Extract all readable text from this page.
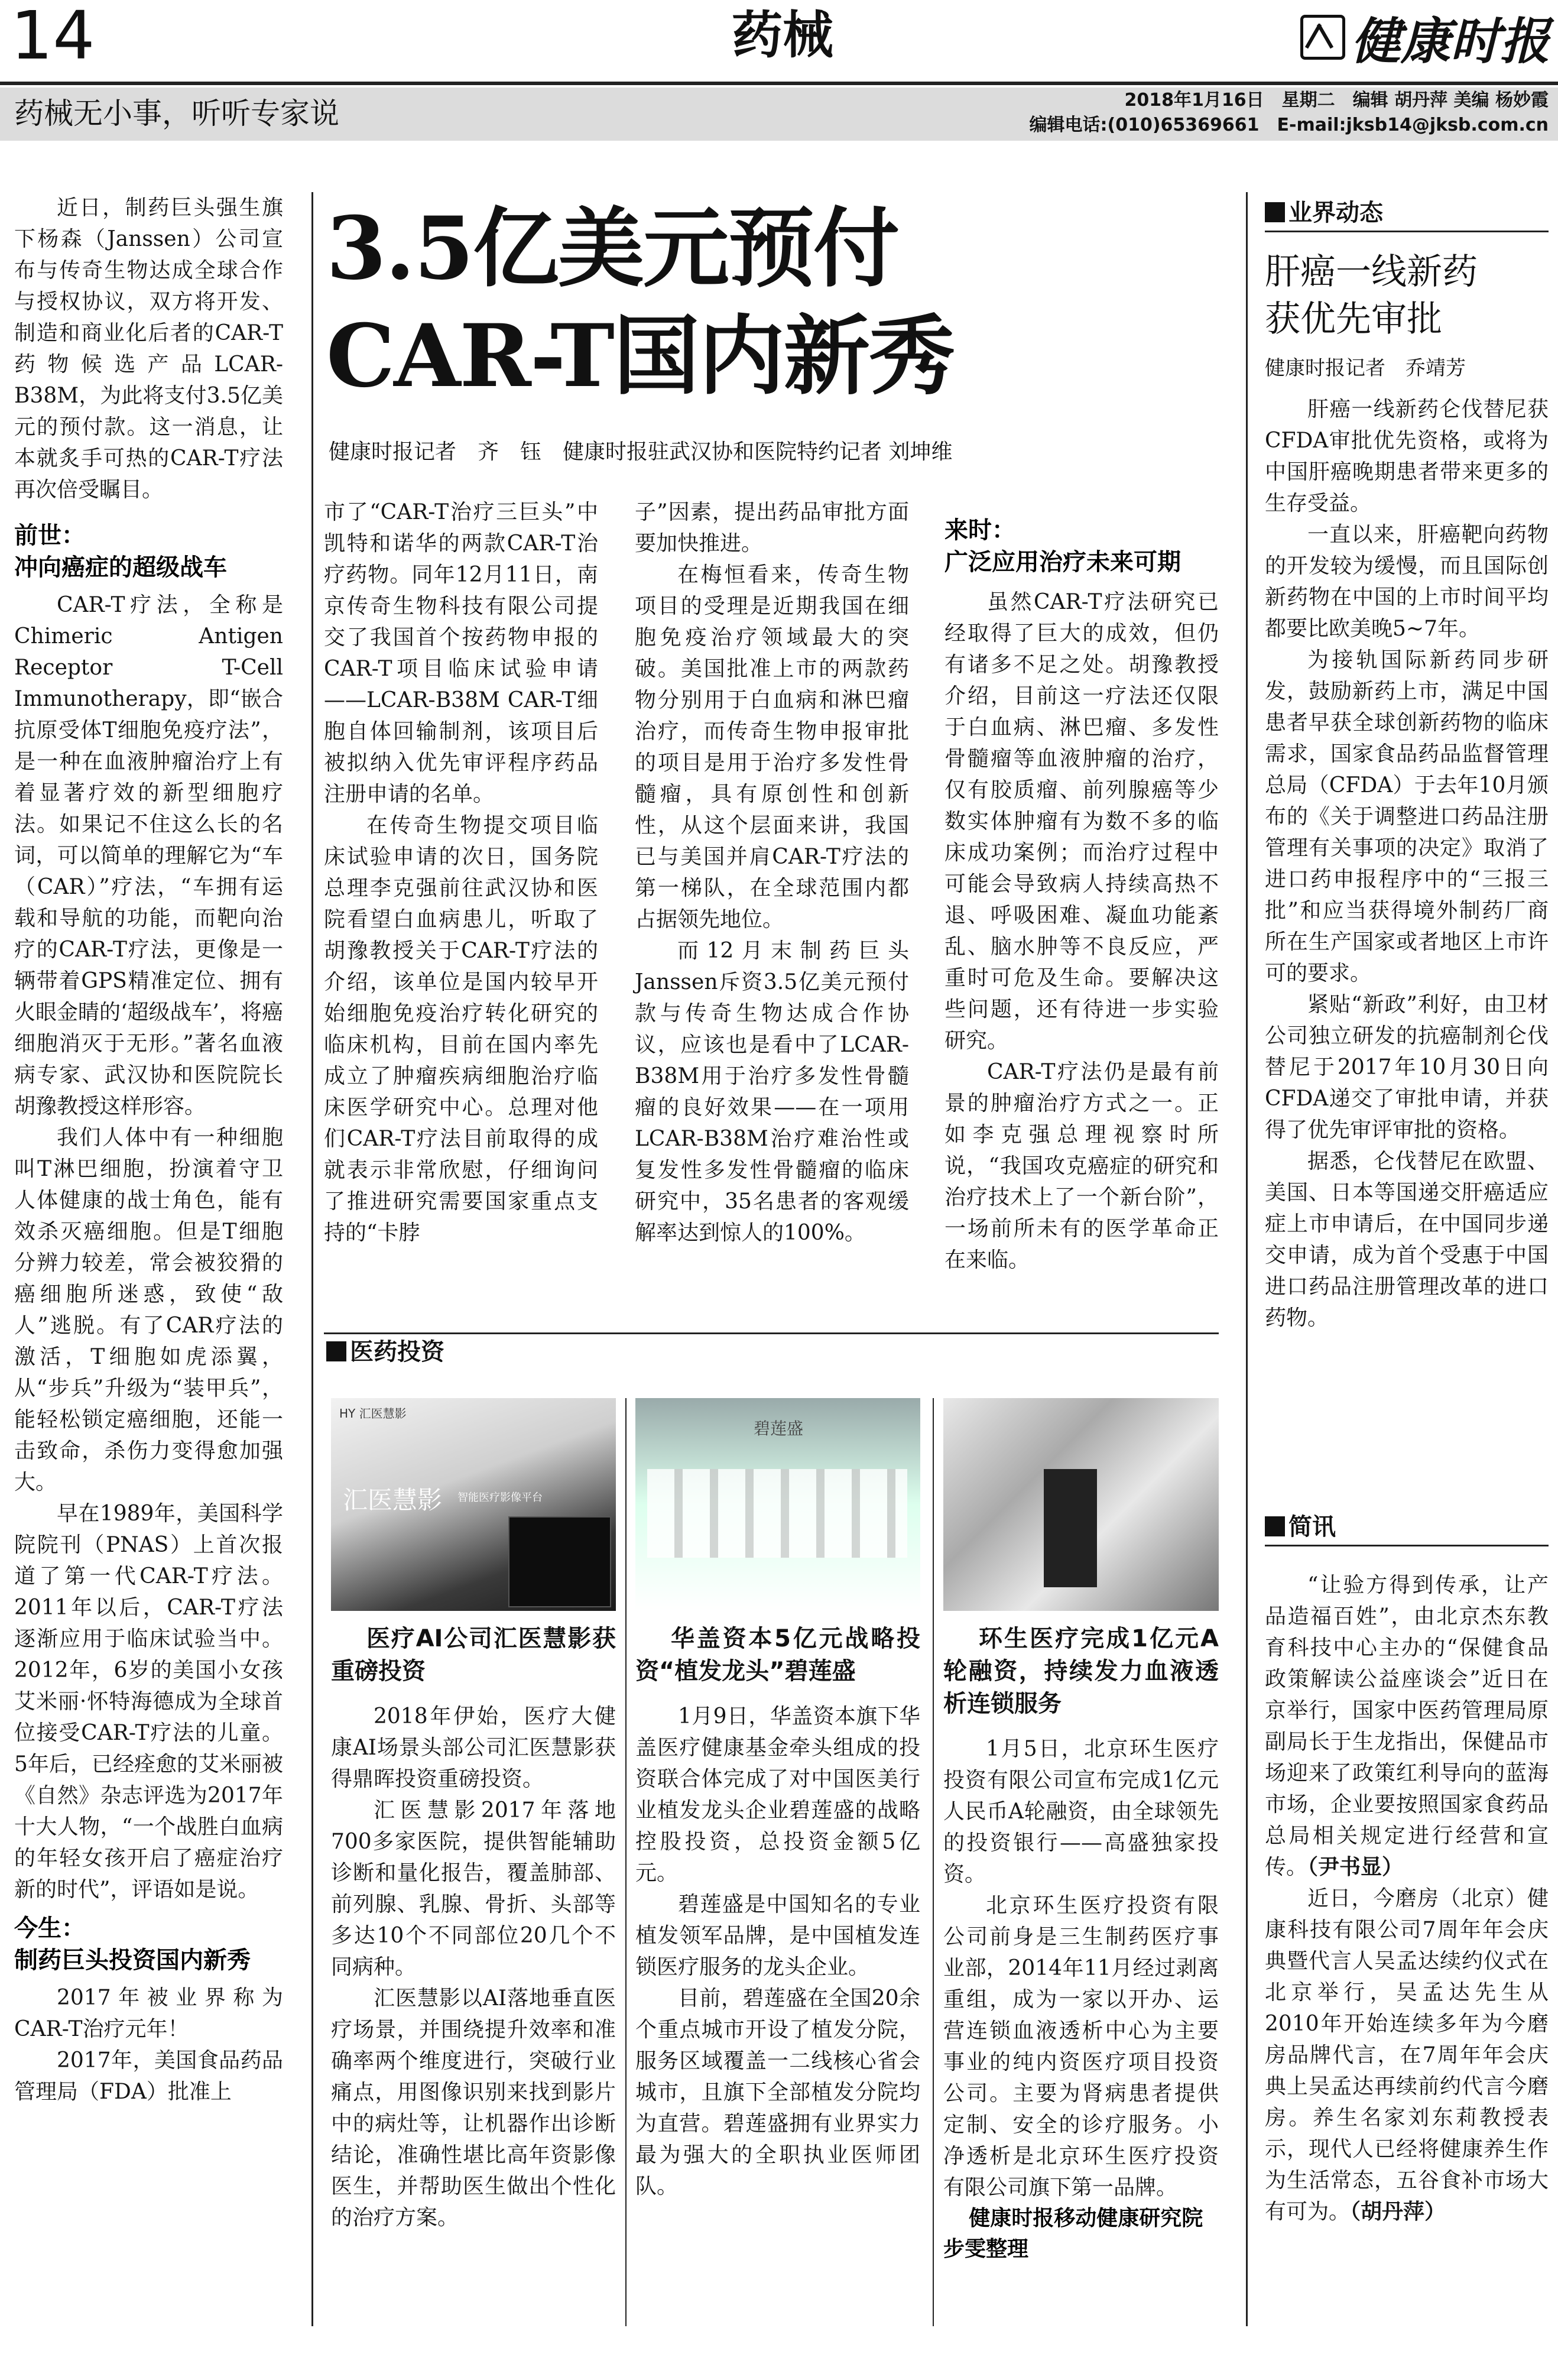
14	药械	健康时报
药械无小事，听听专家说	2018年1月16日　星期二　编辑 胡丹萍 美编 杨妙霞
编辑电话:(010)65369661　E-mail:jksb14@jksb.com.cn
3.5亿美元预付
CAR-T国内新秀
健康时报记者　齐　钰　健康时报驻武汉协和医院特约记者 刘坤维

近日，制药巨头强生旗下杨森（Janssen）公司宣布与传奇生物达成全球合作与授权协议，双方将开发、制造和商业化后者的CAR-T药物候选产品LCAR-B38M，为此将支付3.5亿美元的预付款。这一消息，让本就炙手可热的CAR-T疗法再次倍受瞩目。

前世：
冲向癌症的超级战车

CAR-T疗法，全称是Chimeric Antigen Receptor T-Cell Immunotherapy，即“嵌合抗原受体T细胞免疫疗法”，是一种在血液肿瘤治疗上有着显著疗效的新型细胞疗法。如果记不住这么长的名词，可以简单的理解它为“车（CAR）”疗法，“车拥有运载和导航的功能，而靶向治疗的CAR-T疗法，更像是一辆带着GPS精准定位、拥有火眼金睛的‘超级战车’，将癌细胞消灭于无形。”著名血液病专家、武汉协和医院院长胡豫教授这样形容。

我们人体中有一种细胞叫T淋巴细胞，扮演着守卫人体健康的战士角色，能有效杀灭癌细胞。但是T细胞分辨力较差，常会被狡猾的癌细胞所迷惑，致使“敌人”逃脱。有了CAR疗法的激活，T细胞如虎添翼，从“步兵”升级为“装甲兵”，能轻松锁定癌细胞，还能一击致命，杀伤力变得愈加强大。

早在1989年，美国科学院院刊（PNAS）上首次报道了第一代CAR-T疗法。2011年以后，CAR-T疗法逐渐应用于临床试验当中。2012年，6岁的美国小女孩艾米丽·怀特海德成为全球首位接受CAR-T疗法的儿童。5年后，已经痊愈的艾米丽被《自然》杂志评选为2017年十大人物，“一个战胜白血病的年轻女孩开启了癌症治疗新的时代”，评语如是说。

今生：
制药巨头投资国内新秀

2017年被业界称为CAR-T治疗元年！

2017年，美国食品药品管理局（FDA）批准上

市了“CAR-T治疗三巨头”中凯特和诺华的两款CAR-T治疗药物。同年12月11日，南京传奇生物科技有限公司提交了我国首个按药物申报的CAR-T项目临床试验申请——LCAR-B38M CAR-T细胞自体回输制剂，该项目后被拟纳入优先审评程序药品注册申请的名单。

在传奇生物提交项目临床试验申请的次日，国务院总理李克强前往武汉协和医院看望白血病患儿，听取了胡豫教授关于CAR-T疗法的介绍，该单位是国内较早开始细胞免疫治疗转化研究的临床机构，目前在国内率先成立了肿瘤疾病细胞治疗临床医学研究中心。总理对他们CAR-T疗法目前取得的成就表示非常欣慰，仔细询问了推进研究需要国家重点支持的“卡脖

子”因素，提出药品审批方面要加快推进。

在梅恒看来，传奇生物项目的受理是近期我国在细胞免疫治疗领域最大的突破。美国批准上市的两款药物分别用于白血病和淋巴瘤治疗，而传奇生物申报审批的项目是用于治疗多发性骨髓瘤，具有原创性和创新性，从这个层面来讲，我国已与美国并肩CAR-T疗法的第一梯队，在全球范围内都占据领先地位。

而12月末制药巨头Janssen斥资3.5亿美元预付款与传奇生物达成合作协议，应该也是看中了LCAR-B38M用于治疗多发性骨髓瘤的良好效果——在一项用LCAR-B38M治疗难治性或复发性多发性骨髓瘤的临床研究中，35名患者的客观缓解率达到惊人的100%。

来时：
广泛应用治疗未来可期

虽然CAR-T疗法研究已经取得了巨大的成效，但仍有诸多不足之处。胡豫教授介绍，目前这一疗法还仅限于白血病、淋巴瘤、多发性骨髓瘤等血液肿瘤的治疗，仅有胶质瘤、前列腺癌等少数实体肿瘤有为数不多的临床成功案例；而治疗过程中可能会导致病人持续高热不退、呼吸困难、凝血功能紊乱、脑水肿等不良反应，严重时可危及生命。要解决这些问题，还有待进一步实验研究。

CAR-T疗法仍是最有前景的肿瘤治疗方式之一。正如李克强总理视察时所说，“我国攻克癌症的研究和治疗技术上了一个新台阶”，一场前所未有的医学革命正在来临。

医药投资
HY 汇医慧影
汇医慧影 智能医疗影像平台
碧莲盛
医疗AI公司汇医慧影获重磅投资

2018年伊始，医疗大健康AI场景头部公司汇医慧影获得鼎晖投资重磅投资。

汇医慧影2017年落地700多家医院，提供智能辅助诊断和量化报告，覆盖肺部、前列腺、乳腺、骨折、头部等多达10个不同部位20几个不同病种。

汇医慧影以AI落地垂直医疗场景，并围绕提升效率和准确率两个维度进行，突破行业痛点，用图像识别来找到影片中的病灶等，让机器作出诊断结论，准确性堪比高年资影像医生，并帮助医生做出个性化的治疗方案。

华盖资本5亿元战略投资“植发龙头”碧莲盛

1月9日，华盖资本旗下华盖医疗健康基金牵头组成的投资联合体完成了对中国医美行业植发龙头企业碧莲盛的战略控股投资，总投资金额5亿元。

碧莲盛是中国知名的专业植发领军品牌，是中国植发连锁医疗服务的龙头企业。

目前，碧莲盛在全国20余个重点城市开设了植发分院，服务区域覆盖一二线核心省会城市，且旗下全部植发分院均为直营。碧莲盛拥有业界实力最为强大的全职执业医师团队。

环生医疗完成1亿元A轮融资，持续发力血液透析连锁服务

1月5日，北京环生医疗投资有限公司宣布完成1亿元人民币A轮融资，由全球领先的投资银行——高盛独家投资。

北京环生医疗投资有限公司前身是三生制药医疗事业部，2014年11月经过剥离重组，成为一家以开办、运营连锁血液透析中心为主要事业的纯内资医疗项目投资公司。主要为肾病患者提供定制、安全的诊疗服务。小净透析是北京环生医疗投资有限公司旗下第一品牌。

健康时报移动健康研究院步雯整理
业界动态
肝癌一线新药
获优先审批
健康时报记者　乔靖芳

肝癌一线新药仑伐替尼获CFDA审批优先资格，或将为中国肝癌晚期患者带来更多的生存受益。

一直以来，肝癌靶向药物的开发较为缓慢，而且国际创新药物在中国的上市时间平均都要比欧美晚5~7年。

为接轨国际新药同步研发，鼓励新药上市，满足中国患者早获全球创新药物的临床需求，国家食品药品监督管理总局（CFDA）于去年10月颁布的《关于调整进口药品注册管理有关事项的决定》取消了进口药申报程序中的“三报三批”和应当获得境外制药厂商所在生产国家或者地区上市许可的要求。

紧贴“新政”利好，由卫材公司独立研发的抗癌制剂仑伐替尼于2017年10月30日向CFDA递交了审批申请，并获得了优先审评审批的资格。

据悉，仑伐替尼在欧盟、美国、日本等国递交肝癌适应症上市申请后，在中国同步递交申请，成为首个受惠于中国进口药品注册管理改革的进口药物。

简讯

“让验方得到传承，让产品造福百姓”，由北京杰东教育科技中心主办的“保健食品政策解读公益座谈会”近日在京举行，国家中医药管理局原副局长于生龙指出，保健品市场迎来了政策红利导向的蓝海市场，企业要按照国家食药品总局相关规定进行经营和宣传。（尹书显）

近日，今磨房（北京）健康科技有限公司7周年年会庆典暨代言人吴孟达续约仪式在北京举行，吴孟达先生从2010年开始连续多年为今磨房品牌代言，在7周年年会庆典上吴孟达再续前约代言今磨房。养生名家刘东莉教授表示，现代人已经将健康养生作为生活常态，五谷食补市场大有可为。（胡丹萍）
